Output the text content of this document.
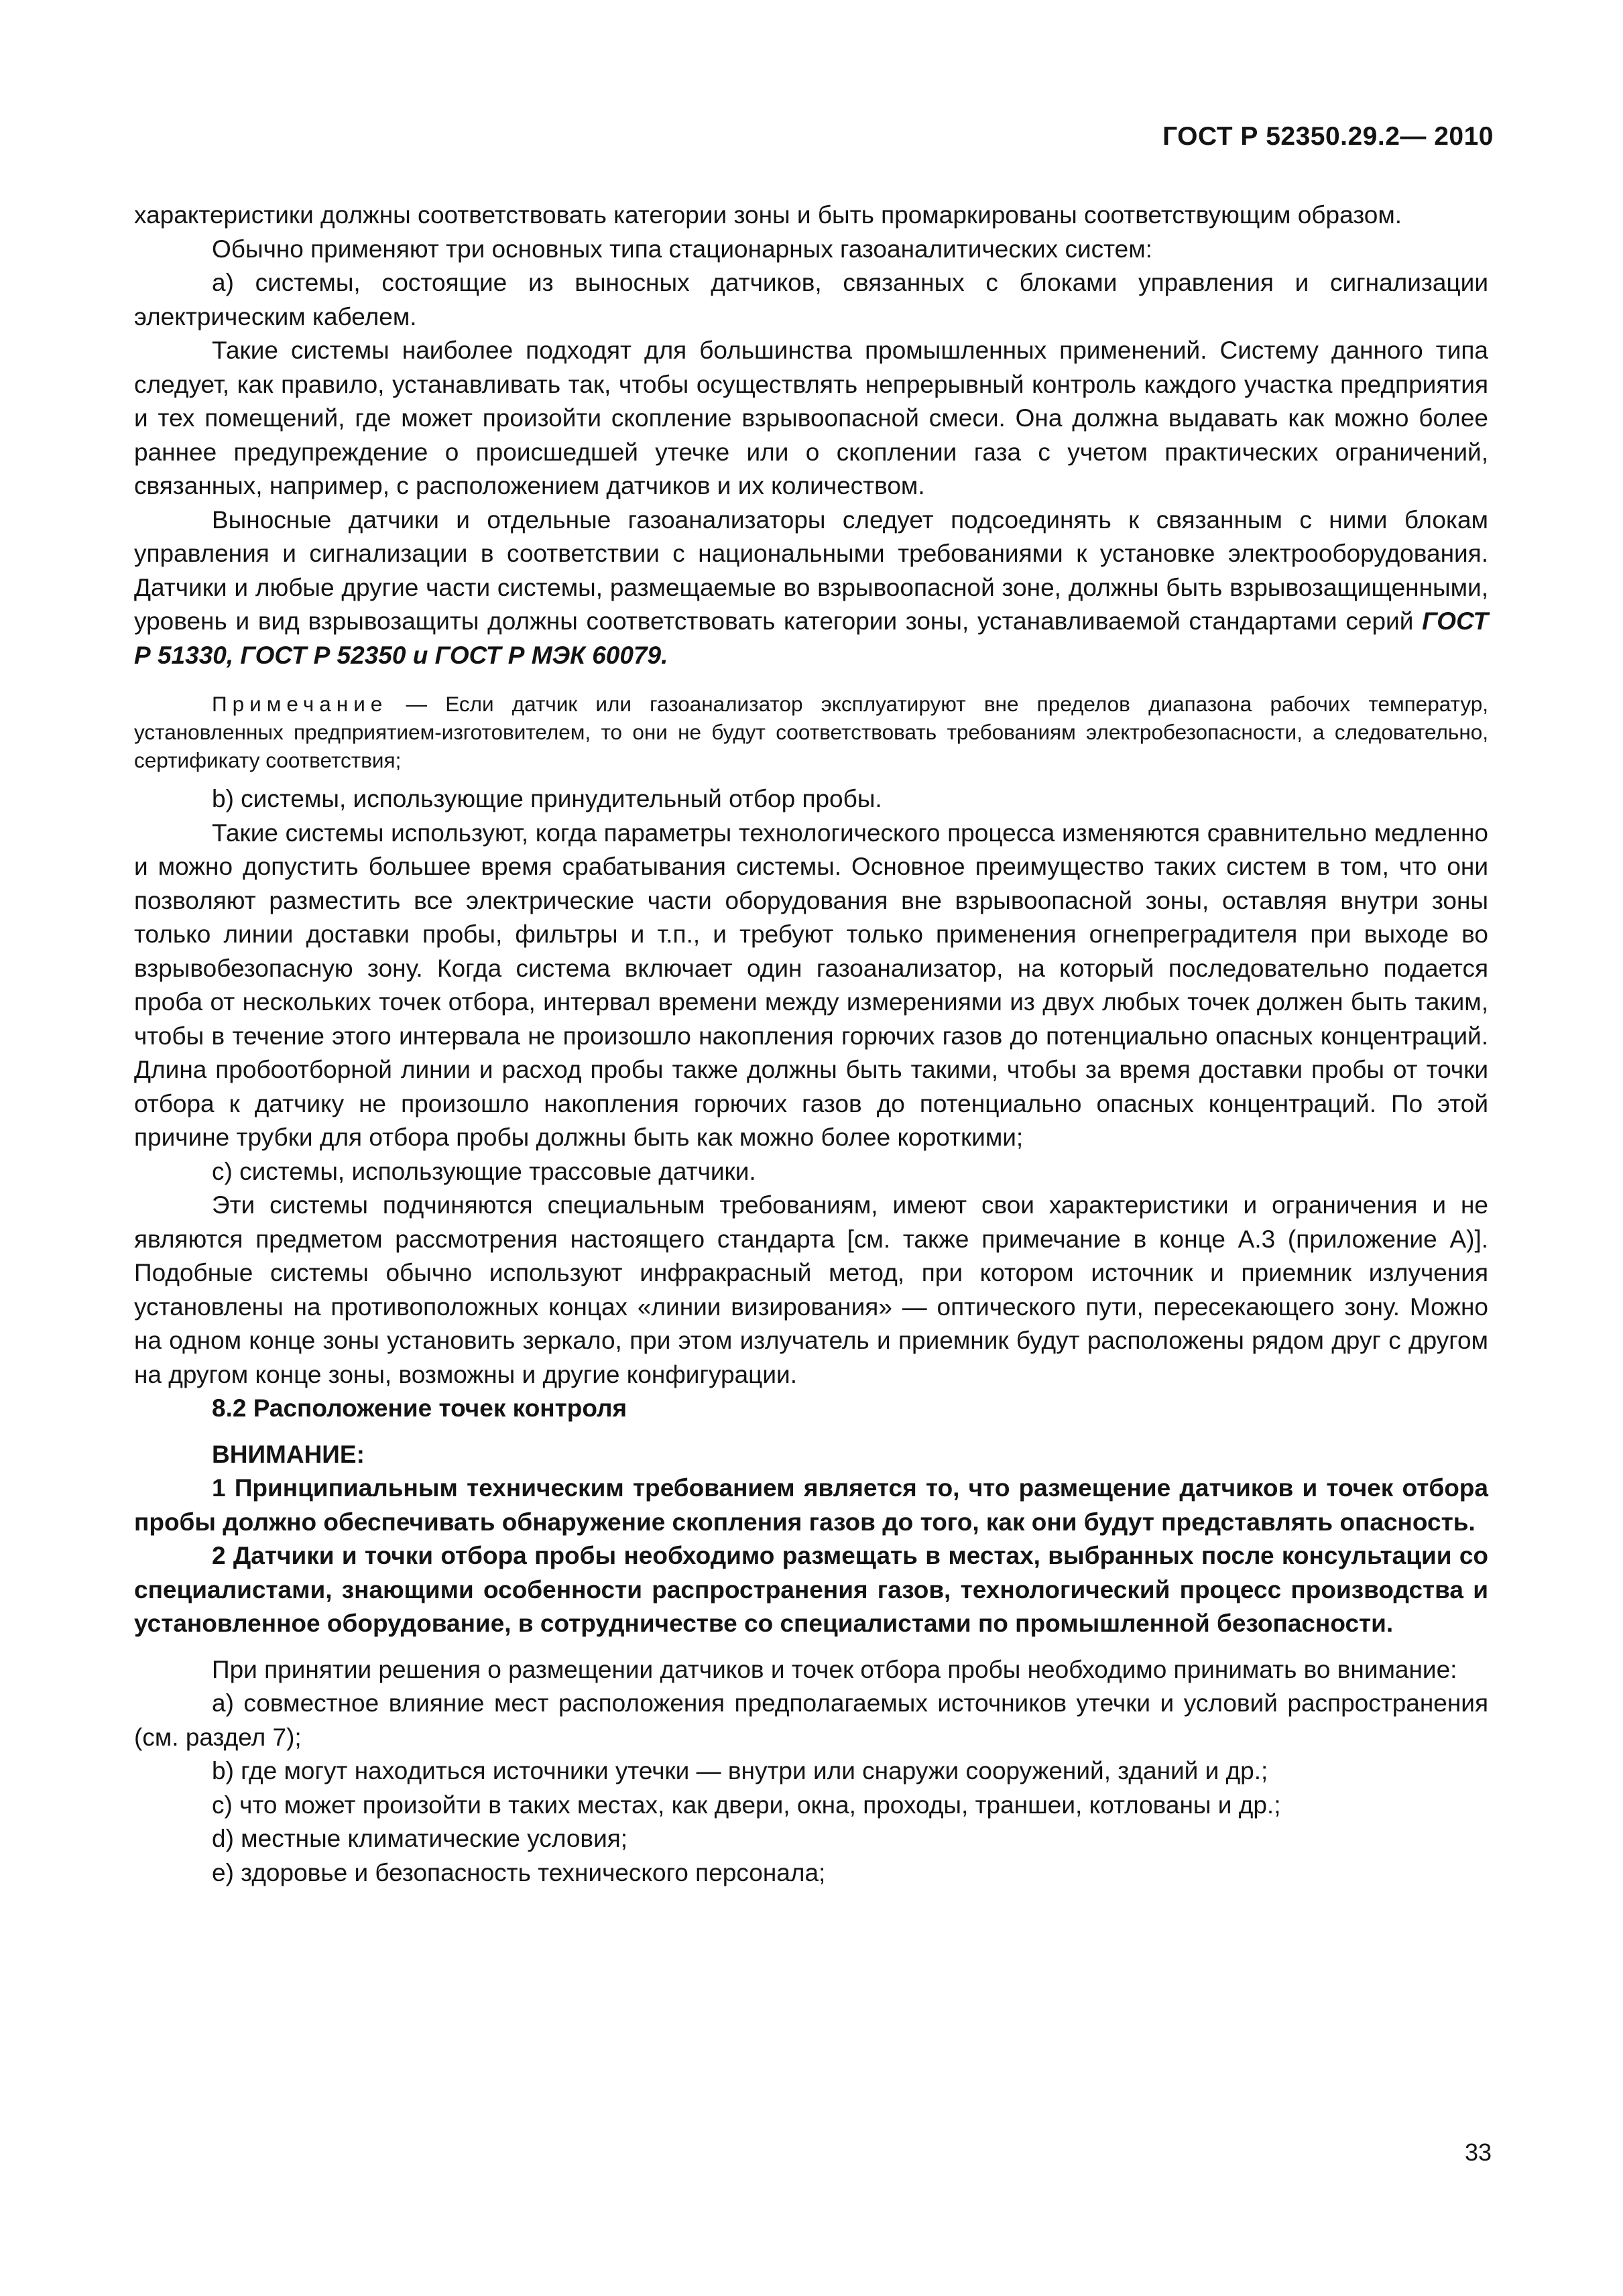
ГОСТ Р 52350.29.2— 2010

характеристики должны соответствовать категории зоны и быть промаркированы соответствующим образом.

Обычно применяют три основных типа стационарных газоаналитических систем:

а) системы, состоящие из выносных датчиков, связанных с блоками управления и сигнализации электрическим кабелем.

Такие системы наиболее подходят для большинства промышленных применений. Систему данного типа следует, как правило, устанавливать так, чтобы осуществлять непрерывный контроль каждого участка предприятия и тех помещений, где может произойти скопление взрывоопасной смеси. Она должна выдавать как можно более раннее предупреждение о происшедшей утечке или о скоплении газа с учетом практических ограничений, связанных, например, с расположением датчиков и их количеством.

Выносные датчики и отдельные газоанализаторы следует подсоединять к связанным с ними блокам управления и сигнализации в соответствии с национальными требованиями к установке электрооборудования. Датчики и любые другие части системы, размещаемые во взрывоопасной зоне, должны быть взрывозащищенными, уровень и вид взрывозащиты должны соответствовать категории зоны, устанавливаемой стандартами серий ГОСТ Р 51330, ГОСТ Р 52350 и ГОСТ Р МЭК 60079.

Примечание — Если датчик или газоанализатор эксплуатируют вне пределов диапазона рабочих температур, установленных предприятием-изготовителем, то они не будут соответствовать требованиям электробезопасности, а следовательно, сертификату соответствия;

b) системы, использующие принудительный отбор пробы.

Такие системы используют, когда параметры технологического процесса изменяются сравнительно медленно и можно допустить большее время срабатывания системы. Основное преимущество таких систем в том, что они позволяют разместить все электрические части оборудования вне взрывоопасной зоны, оставляя внутри зоны только линии доставки пробы, фильтры и т.п., и требуют только применения огнепреградителя при выходе во взрывобезопасную зону. Когда система включает один газоанализатор, на который последовательно подается проба от нескольких точек отбора, интервал времени между измерениями из двух любых точек должен быть таким, чтобы в течение этого интервала не произошло накопления горючих газов до потенциально опасных концентраций. Длина пробоотборной линии и расход пробы также должны быть такими, чтобы за время доставки пробы от точки отбора к датчику не произошло накопления горючих газов до потенциально опасных концентраций. По этой причине трубки для отбора пробы должны быть как можно более короткими;

с) системы, использующие трассовые датчики.

Эти системы подчиняются специальным требованиям, имеют свои характеристики и ограничения и не являются предметом рассмотрения настоящего стандарта [см. также примечание в конце А.3 (приложение А)]. Подобные системы обычно используют инфракрасный метод, при котором источник и приемник излучения установлены на противоположных концах «линии визирования» — оптического пути, пересекающего зону. Можно на одном конце зоны установить зеркало, при этом излучатель и приемник будут расположены рядом друг с другом на другом конце зоны, возможны и другие конфигурации.

8.2 Расположение точек контроля

ВНИМАНИЕ:

1 Принципиальным техническим требованием является то, что размещение датчиков и точек отбора пробы должно обеспечивать обнаружение скопления газов до того, как они будут представлять опасность.

2 Датчики и точки отбора пробы необходимо размещать в местах, выбранных после консультации со специалистами, знающими особенности распространения газов, технологический процесс производства и установленное оборудование, в сотрудничестве со специалистами по промышленной безопасности.

При принятии решения о размещении датчиков и точек отбора пробы необходимо принимать во внимание:

а) совместное влияние мест расположения предполагаемых источников утечки и условий распространения (см. раздел 7);

b) где могут находиться источники утечки — внутри или снаружи сооружений, зданий и др.;

с) что может произойти в таких местах, как двери, окна, проходы, траншеи, котлованы и др.;

d) местные климатические условия;

е) здоровье и безопасность технического персонала;

33
